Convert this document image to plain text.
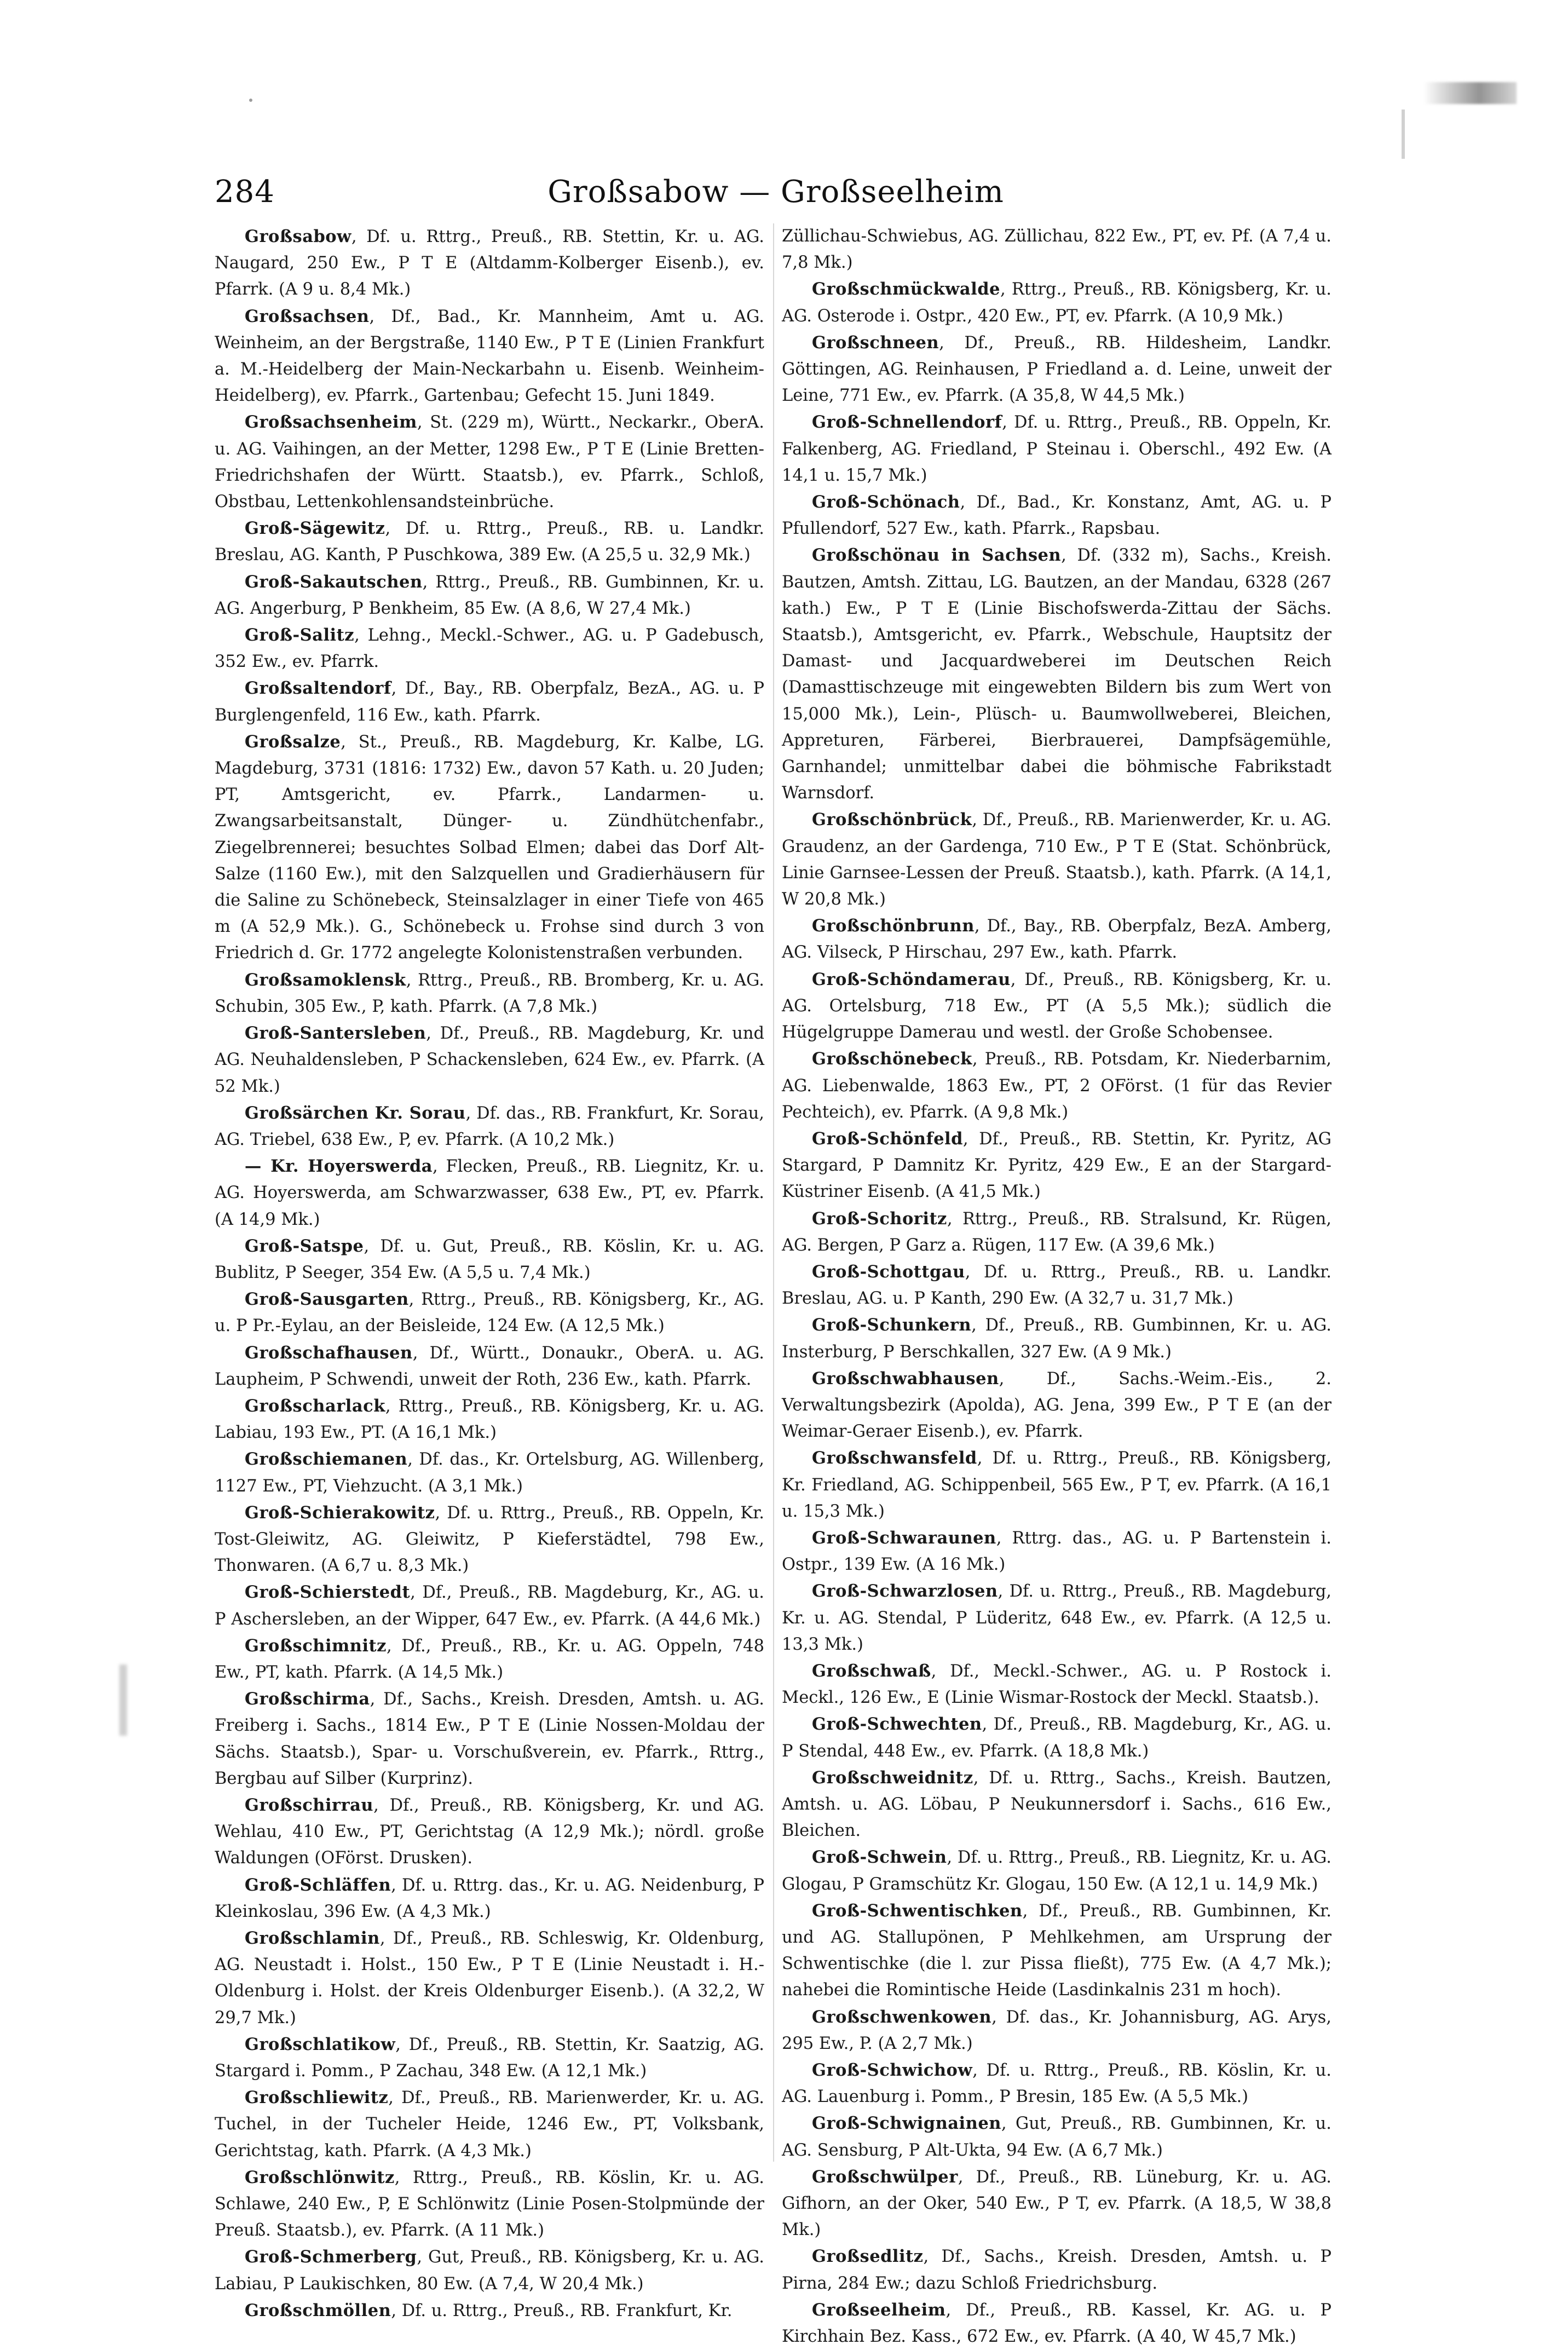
284	Großsabow — Großseelheim

Großsabow, Df. u. Rttrg., Preuß., RB. Stettin, Kr. u. AG. Naugard, 250 Ew., P T E (Altdamm-Kolberger Eisenb.), ev. Pfarrk. (A 9 u. 8,4 Mk.)

Großsachsen, Df., Bad., Kr. Mannheim, Amt u. AG. Weinheim, an der Bergstraße, 1140 Ew., P T E (Linien Frankfurt a. M.-Heidelberg der Main-Neckarbahn u. Eisenb. Weinheim-Heidelberg), ev. Pfarrk., Gartenbau; Gefecht 15. Juni 1849.

Großsachsenheim, St. (229 m), Württ., Neckarkr., OberA. u. AG. Vaihingen, an der Metter, 1298 Ew., P T E (Linie Bretten-Friedrichshafen der Württ. Staatsb.), ev. Pfarrk., Schloß, Obstbau, Lettenkohlensandsteinbrüche.

Groß-Sägewitz, Df. u. Rttrg., Preuß., RB. u. Landkr. Breslau, AG. Kanth, P Puschkowa, 389 Ew. (A 25,5 u. 32,9 Mk.)

Groß-Sakautschen, Rttrg., Preuß., RB. Gumbinnen, Kr. u. AG. Angerburg, P Benkheim, 85 Ew. (A 8,6, W 27,4 Mk.)

Groß-Salitz, Lehng., Meckl.-Schwer., AG. u. P Gadebusch, 352 Ew., ev. Pfarrk.

Großsaltendorf, Df., Bay., RB. Oberpfalz, BezA., AG. u. P Burglengenfeld, 116 Ew., kath. Pfarrk.

Großsalze, St., Preuß., RB. Magdeburg, Kr. Kalbe, LG. Magdeburg, 3731 (1816: 1732) Ew., davon 57 Kath. u. 20 Juden; PT, Amtsgericht, ev. Pfarrk., Landarmen- u. Zwangsarbeitsanstalt, Dünger- u. Zündhütchenfabr., Ziegelbrennerei; besuchtes Solbad Elmen; dabei das Dorf Alt-Salze (1160 Ew.), mit den Salzquellen und Gradierhäusern für die Saline zu Schönebeck, Steinsalzlager in einer Tiefe von 465 m (A 52,9 Mk.). G., Schönebeck u. Frohse sind durch 3 von Friedrich d. Gr. 1772 angelegte Kolonistenstraßen verbunden.

Großsamoklensk, Rttrg., Preuß., RB. Bromberg, Kr. u. AG. Schubin, 305 Ew., P, kath. Pfarrk. (A 7,8 Mk.)

Groß-Santersleben, Df., Preuß., RB. Magdeburg, Kr. und AG. Neuhaldensleben, P Schackensleben, 624 Ew., ev. Pfarrk. (A 52 Mk.)

Großsärchen Kr. Sorau, Df. das., RB. Frankfurt, Kr. Sorau, AG. Triebel, 638 Ew., P, ev. Pfarrk. (A 10,2 Mk.)

— Kr. Hoyerswerda, Flecken, Preuß., RB. Liegnitz, Kr. u. AG. Hoyerswerda, am Schwarzwasser, 638 Ew., PT, ev. Pfarrk. (A 14,9 Mk.)

Groß-Satspe, Df. u. Gut, Preuß., RB. Köslin, Kr. u. AG. Bublitz, P Seeger, 354 Ew. (A 5,5 u. 7,4 Mk.)

Groß-Sausgarten, Rttrg., Preuß., RB. Königsberg, Kr., AG. u. P Pr.-Eylau, an der Beisleide, 124 Ew. (A 12,5 Mk.)

Großschafhausen, Df., Württ., Donaukr., OberA. u. AG. Laupheim, P Schwendi, unweit der Roth, 236 Ew., kath. Pfarrk.

Großscharlack, Rttrg., Preuß., RB. Königsberg, Kr. u. AG. Labiau, 193 Ew., PT. (A 16,1 Mk.)

Großschiemanen, Df. das., Kr. Ortelsburg, AG. Willenberg, 1127 Ew., PT, Viehzucht. (A 3,1 Mk.)

Groß-Schierakowitz, Df. u. Rttrg., Preuß., RB. Oppeln, Kr. Tost-Gleiwitz, AG. Gleiwitz, P Kieferstädtel, 798 Ew., Thonwaren. (A 6,7 u. 8,3 Mk.)

Groß-Schierstedt, Df., Preuß., RB. Magdeburg, Kr., AG. u. P Aschersleben, an der Wipper, 647 Ew., ev. Pfarrk. (A 44,6 Mk.)

Großschimnitz, Df., Preuß., RB., Kr. u. AG. Oppeln, 748 Ew., PT, kath. Pfarrk. (A 14,5 Mk.)

Großschirma, Df., Sachs., Kreish. Dresden, Amtsh. u. AG. Freiberg i. Sachs., 1814 Ew., P T E (Linie Nossen-Moldau der Sächs. Staatsb.), Spar- u. Vorschußverein, ev. Pfarrk., Rttrg., Bergbau auf Silber (Kurprinz).

Großschirrau, Df., Preuß., RB. Königsberg, Kr. und AG. Wehlau, 410 Ew., PT, Gerichtstag (A 12,9 Mk.); nördl. große Waldungen (OFörst. Drusken).

Groß-Schläffen, Df. u. Rttrg. das., Kr. u. AG. Neidenburg, P Kleinkoslau, 396 Ew. (A 4,3 Mk.)

Großschlamin, Df., Preuß., RB. Schleswig, Kr. Oldenburg, AG. Neustadt i. Holst., 150 Ew., P T E (Linie Neustadt i. H.-Oldenburg i. Holst. der Kreis Oldenburger Eisenb.). (A 32,2, W 29,7 Mk.)

Großschlatikow, Df., Preuß., RB. Stettin, Kr. Saatzig, AG. Stargard i. Pomm., P Zachau, 348 Ew. (A 12,1 Mk.)

Großschliewitz, Df., Preuß., RB. Marienwerder, Kr. u. AG. Tuchel, in der Tucheler Heide, 1246 Ew., PT, Volksbank, Gerichtstag, kath. Pfarrk. (A 4,3 Mk.)

Großschlönwitz, Rttrg., Preuß., RB. Köslin, Kr. u. AG. Schlawe, 240 Ew., P, E Schlönwitz (Linie Posen-Stolpmünde der Preuß. Staatsb.), ev. Pfarrk. (A 11 Mk.)

Groß-Schmerberg, Gut, Preuß., RB. Königsberg, Kr. u. AG. Labiau, P Laukischken, 80 Ew. (A 7,4, W 20,4 Mk.)

Großschmöllen, Df. u. Rttrg., Preuß., RB. Frankfurt, Kr.

Züllichau-Schwiebus, AG. Züllichau, 822 Ew., PT, ev. Pf. (A 7,4 u. 7,8 Mk.)

Großschmückwalde, Rttrg., Preuß., RB. Königsberg, Kr. u. AG. Osterode i. Ostpr., 420 Ew., PT, ev. Pfarrk. (A 10,9 Mk.)

Großschneen, Df., Preuß., RB. Hildesheim, Landkr. Göttingen, AG. Reinhausen, P Friedland a. d. Leine, unweit der Leine, 771 Ew., ev. Pfarrk. (A 35,8, W 44,5 Mk.)

Groß-Schnellendorf, Df. u. Rttrg., Preuß., RB. Oppeln, Kr. Falkenberg, AG. Friedland, P Steinau i. Oberschl., 492 Ew. (A 14,1 u. 15,7 Mk.)

Groß-Schönach, Df., Bad., Kr. Konstanz, Amt, AG. u. P Pfullendorf, 527 Ew., kath. Pfarrk., Rapsbau.

Großschönau in Sachsen, Df. (332 m), Sachs., Kreish. Bautzen, Amtsh. Zittau, LG. Bautzen, an der Mandau, 6328 (267 kath.) Ew., P T E (Linie Bischofswerda-Zittau der Sächs. Staatsb.), Amtsgericht, ev. Pfarrk., Webschule, Hauptsitz der Damast- und Jacquardweberei im Deutschen Reich (Damasttischzeuge mit eingewebten Bildern bis zum Wert von 15,000 Mk.), Lein-, Plüsch- u. Baumwollweberei, Bleichen, Appreturen, Färberei, Bierbrauerei, Dampfsägemühle, Garnhandel; unmittelbar dabei die böhmische Fabrikstadt Warnsdorf.

Großschönbrück, Df., Preuß., RB. Marienwerder, Kr. u. AG. Graudenz, an der Gardenga, 710 Ew., P T E (Stat. Schönbrück, Linie Garnsee-Lessen der Preuß. Staatsb.), kath. Pfarrk. (A 14,1, W 20,8 Mk.)

Großschönbrunn, Df., Bay., RB. Oberpfalz, BezA. Amberg, AG. Vilseck, P Hirschau, 297 Ew., kath. Pfarrk.

Groß-Schöndamerau, Df., Preuß., RB. Königsberg, Kr. u. AG. Ortelsburg, 718 Ew., PT (A 5,5 Mk.); südlich die Hügelgruppe Damerau und westl. der Große Schobensee.

Großschönebeck, Preuß., RB. Potsdam, Kr. Niederbarnim, AG. Liebenwalde, 1863 Ew., PT, 2 OFörst. (1 für das Revier Pechteich), ev. Pfarrk. (A 9,8 Mk.)

Groß-Schönfeld, Df., Preuß., RB. Stettin, Kr. Pyritz, AG Stargard, P Damnitz Kr. Pyritz, 429 Ew., E an der Stargard-Küstriner Eisenb. (A 41,5 Mk.)

Groß-Schoritz, Rttrg., Preuß., RB. Stralsund, Kr. Rügen, AG. Bergen, P Garz a. Rügen, 117 Ew. (A 39,6 Mk.)

Groß-Schottgau, Df. u. Rttrg., Preuß., RB. u. Landkr. Breslau, AG. u. P Kanth, 290 Ew. (A 32,7 u. 31,7 Mk.)

Groß-Schunkern, Df., Preuß., RB. Gumbinnen, Kr. u. AG. Insterburg, P Berschkallen, 327 Ew. (A 9 Mk.)

Großschwabhausen, Df., Sachs.-Weim.-Eis., 2. Verwaltungsbezirk (Apolda), AG. Jena, 399 Ew., P T E (an der Weimar-Geraer Eisenb.), ev. Pfarrk.

Großschwansfeld, Df. u. Rttrg., Preuß., RB. Königsberg, Kr. Friedland, AG. Schippenbeil, 565 Ew., P T, ev. Pfarrk. (A 16,1 u. 15,3 Mk.)

Groß-Schwaraunen, Rttrg. das., AG. u. P Bartenstein i. Ostpr., 139 Ew. (A 16 Mk.)

Groß-Schwarzlosen, Df. u. Rttrg., Preuß., RB. Magdeburg, Kr. u. AG. Stendal, P Lüderitz, 648 Ew., ev. Pfarrk. (A 12,5 u. 13,3 Mk.)

Großschwaß, Df., Meckl.-Schwer., AG. u. P Rostock i. Meckl., 126 Ew., E (Linie Wismar-Rostock der Meckl. Staatsb.).

Groß-Schwechten, Df., Preuß., RB. Magdeburg, Kr., AG. u. P Stendal, 448 Ew., ev. Pfarrk. (A 18,8 Mk.)

Großschweidnitz, Df. u. Rttrg., Sachs., Kreish. Bautzen, Amtsh. u. AG. Löbau, P Neukunnersdorf i. Sachs., 616 Ew., Bleichen.

Groß-Schwein, Df. u. Rttrg., Preuß., RB. Liegnitz, Kr. u. AG. Glogau, P Gramschütz Kr. Glogau, 150 Ew. (A 12,1 u. 14,9 Mk.)

Groß-Schwentischken, Df., Preuß., RB. Gumbinnen, Kr. und AG. Stallupönen, P Mehlkehmen, am Ursprung der Schwentischke (die l. zur Pissa fließt), 775 Ew. (A 4,7 Mk.); nahebei die Romintische Heide (Lasdinkalnis 231 m hoch).

Großschwenkowen, Df. das., Kr. Johannisburg, AG. Arys, 295 Ew., P. (A 2,7 Mk.)

Groß-Schwichow, Df. u. Rttrg., Preuß., RB. Köslin, Kr. u. AG. Lauenburg i. Pomm., P Bresin, 185 Ew. (A 5,5 Mk.)

Groß-Schwignainen, Gut, Preuß., RB. Gumbinnen, Kr. u. AG. Sensburg, P Alt-Ukta, 94 Ew. (A 6,7 Mk.)

Großschwülper, Df., Preuß., RB. Lüneburg, Kr. u. AG. Gifhorn, an der Oker, 540 Ew., P T, ev. Pfarrk. (A 18,5, W 38,8 Mk.)

Großsedlitz, Df., Sachs., Kreish. Dresden, Amtsh. u. P Pirna, 284 Ew.; dazu Schloß Friedrichsburg.

Großseelheim, Df., Preuß., RB. Kassel, Kr. AG. u. P Kirchhain Bez. Kass., 672 Ew., ev. Pfarrk. (A 40, W 45,7 Mk.)
